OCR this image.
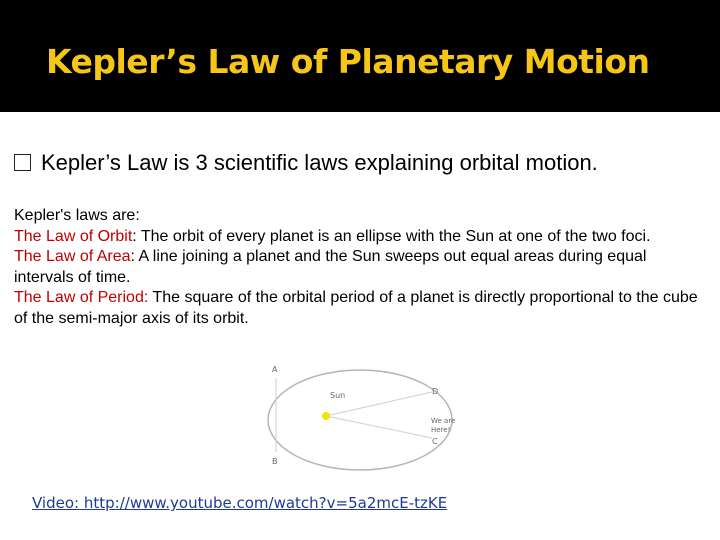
Kepler’s Law of Planetary Motion
Kepler’s Law is 3 scientific laws explaining orbital motion.
Kepler's laws are:
The Law of Orbit: The orbit of every planet is an ellipse with the Sun at one of the two foci.
The Law of Area: A line joining a planet and the Sun sweeps out equal areas during equal intervals of time.
The Law of Period: The square of the orbital period of a planet is directly proportional to the cube of the semi-major axis of its orbit.
A
B
Sun	D
We are
Here!
C
Video: http://www.youtube.com/watch?v=5a2mcE-tzKE
